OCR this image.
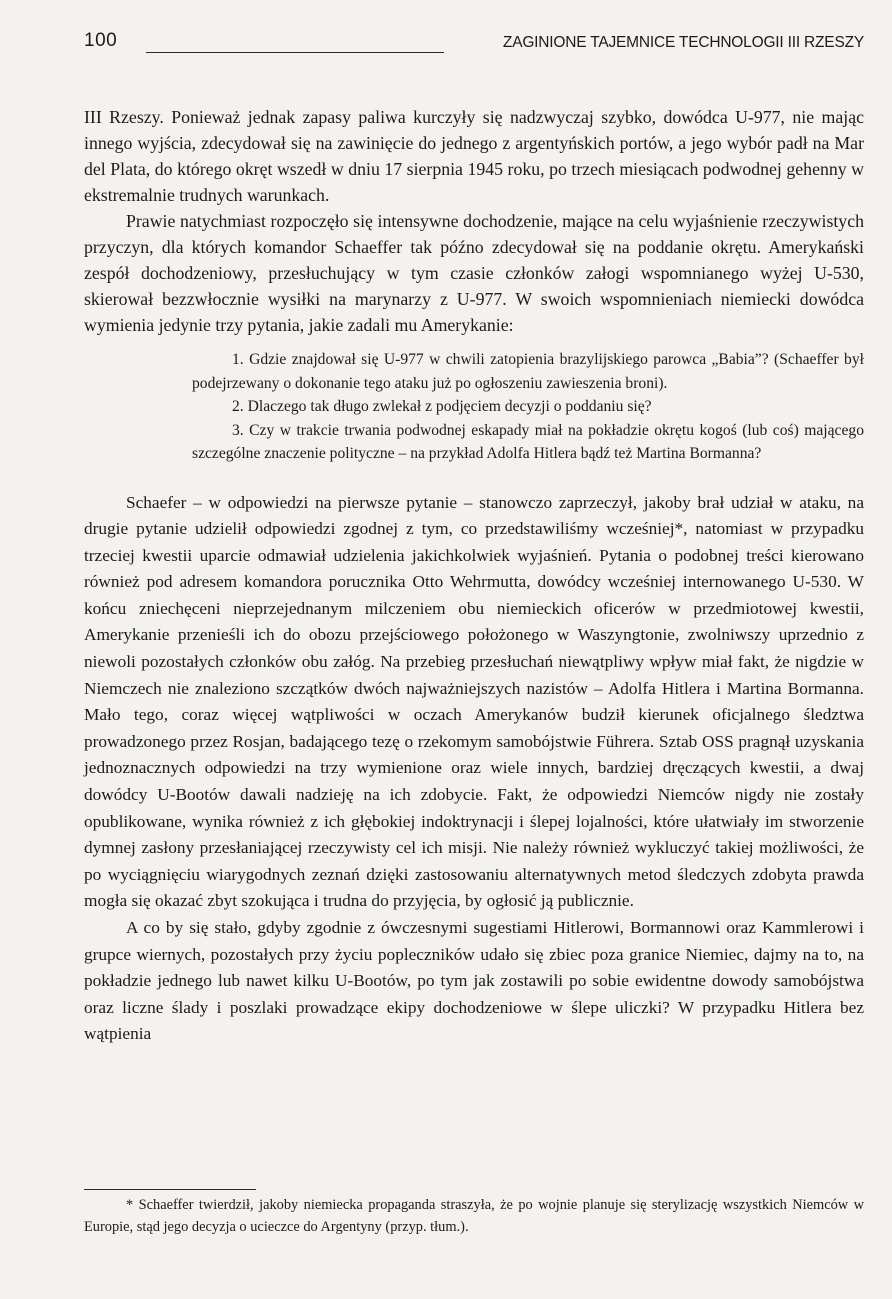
100	ZAGINIONE TAJEMNICE TECHNOLOGII III RZESZY

III Rzeszy. Ponieważ jednak zapasy paliwa kurczyły się nadzwyczaj szybko, dowódca U-977, nie mając innego wyjścia, zdecydował się na zawinięcie do jednego z argentyńskich portów, a jego wybór padł na Mar del Plata, do którego okręt wszedł w dniu 17 sierpnia 1945 roku, po trzech miesiącach podwodnej gehenny w ekstremalnie trudnych warunkach.

Prawie natychmiast rozpoczęło się intensywne dochodzenie, mające na celu wyjaśnienie rzeczywistych przyczyn, dla których komandor Schaeffer tak późno zdecydował się na poddanie okrętu. Amerykański zespół dochodzeniowy, przesłuchujący w tym czasie członków załogi wspomnianego wyżej U-530, skierował bezzwłocznie wysiłki na marynarzy z U-977. W swoich wspomnieniach niemiecki dowódca wymienia jedynie trzy pytania, jakie zadali mu Amerykanie:

1. Gdzie znajdował się U-977 w chwili zatopienia brazylijskiego parowca „Babia”? (Schaeffer był podejrzewany o dokonanie tego ataku już po ogłoszeniu zawieszenia broni).
2. Dlaczego tak długo zwlekał z podjęciem decyzji o poddaniu się?
3. Czy w trakcie trwania podwodnej eskapady miał na pokładzie okrętu kogoś (lub coś) mającego szczególne znaczenie polityczne – na przykład Adolfa Hitlera bądź też Martina Bormanna?

Schaefer – w odpowiedzi na pierwsze pytanie – stanowczo zaprzeczył, jakoby brał udział w ataku, na drugie pytanie udzielił odpowiedzi zgodnej z tym, co przedstawiliśmy wcześniej*, natomiast w przypadku trzeciej kwestii uparcie odmawiał udzielenia jakichkolwiek wyjaśnień. Pytania o podobnej treści kierowano również pod adresem komandora porucznika Otto Wehrmutta, dowódcy wcześniej internowanego U-530. W końcu zniechęceni nieprzejednanym milczeniem obu niemieckich oficerów w przedmiotowej kwestii, Amerykanie przenieśli ich do obozu przejściowego położonego w Waszyngtonie, zwolniwszy uprzednio z niewoli pozostałych członków obu załóg. Na przebieg przesłuchań niewątpliwy wpływ miał fakt, że nigdzie w Niemczech nie znaleziono szczątków dwóch najważniejszych nazistów – Adolfa Hitlera i Martina Bormanna. Mało tego, coraz więcej wątpliwości w oczach Amerykanów budził kierunek oficjalnego śledztwa prowadzonego przez Rosjan, badającego tezę o rzekomym samobójstwie Führera. Sztab OSS pragnął uzyskania jednoznacznych odpowiedzi na trzy wymienione oraz wiele innych, bardziej dręczących kwestii, a dwaj dowódcy U-Bootów dawali nadzieję na ich zdobycie. Fakt, że odpowiedzi Niemców nigdy nie zostały opublikowane, wynika również z ich głębokiej indoktrynacji i ślepej lojalności, które ułatwiały im stworzenie dymnej zasłony przesłaniającej rzeczywisty cel ich misji. Nie należy również wykluczyć takiej możliwości, że po wyciągnięciu wiarygodnych zeznań dzięki zastosowaniu alternatywnych metod śledczych zdobyta prawda mogła się okazać zbyt szokująca i trudna do przyjęcia, by ogłosić ją publicznie.

A co by się stało, gdyby zgodnie z ówczesnymi sugestiami Hitlerowi, Bormannowi oraz Kammlerowi i grupce wiernych, pozostałych przy życiu popleczników udało się zbiec poza granice Niemiec, dajmy na to, na pokładzie jednego lub nawet kilku U-Bootów, po tym jak zostawili po sobie ewidentne dowody samobójstwa oraz liczne ślady i poszlaki prowadzące ekipy dochodzeniowe w ślepe uliczki? W przypadku Hitlera bez wątpienia

* Schaeffer twierdził, jakoby niemiecka propaganda straszyła, że po wojnie planuje się sterylizację wszystkich Niemców w Europie, stąd jego decyzja o ucieczce do Argentyny (przyp. tłum.).
